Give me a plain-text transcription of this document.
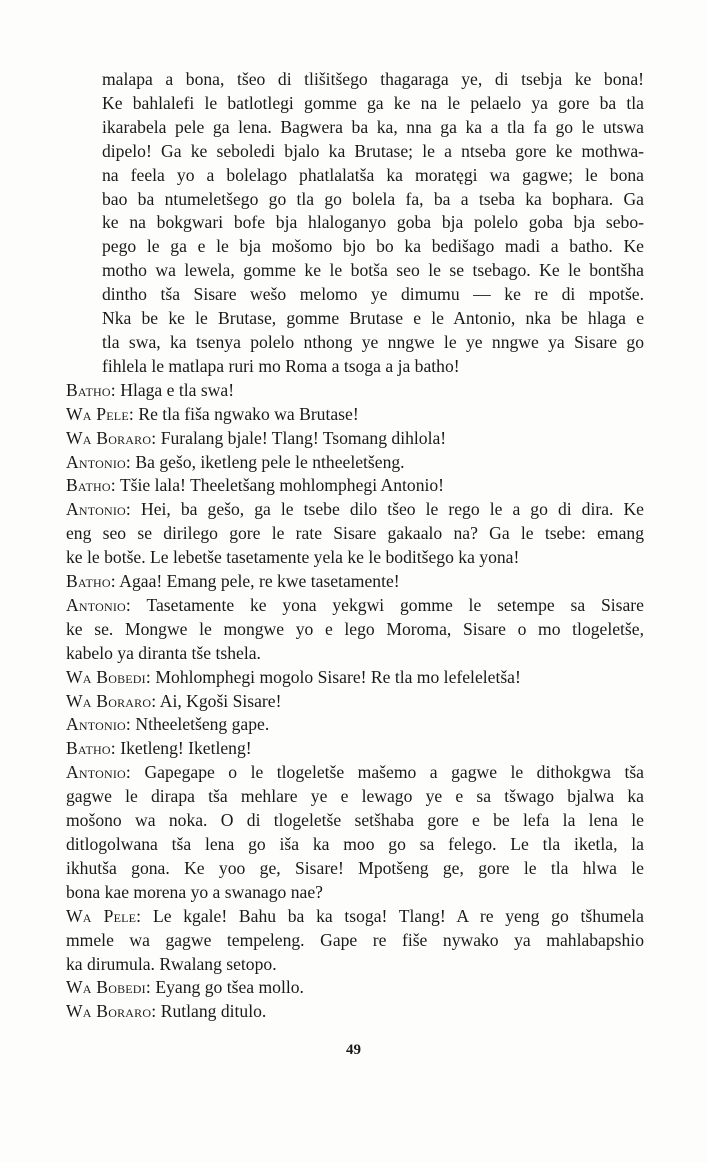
malapa a bona, tšeo di tlišitšego thagaraga ye, di tsebja ke bona!
Ke bahlalefi le batlotlegi gomme ga ke na le pelaelo ya gore ba tla
ikarabela pele ga lena. Bagwera ba ka, nna ga ka a tla fa go le utswa
dipelo! Ga ke seboledi bjalo ka Brutase; le a ntseba gore ke mothwa-
na feela yo a bolelago phatlalatša ka moratęgi wa gagwe; le bona
bao ba ntumeletšego go tla go bolela fa, ba a tseba ka bophara. Ga
ke na bokgwari bofe bja hlaloganyo goba bja polelo goba bja sebo-
pego le ga e le bja mošomo bjo bo ka bedišago madi a batho. Ke
motho wa lewela, gomme ke le botša seo le se tsebago. Ke le bontšha
dintho tša Sisare wešo melomo ye dimumu — ke re di mpotše.
Nka be ke le Brutase, gomme Brutase e le Antonio, nka be hlaga e
tla swa, ka tsenya polelo nthong ye nngwe le ye nngwe ya Sisare go
fihlela le matlapa ruri mo Roma a tsoga a ja batho!
Batho: Hlaga e tla swa!
Wa Pele: Re tla fiša ngwako wa Brutase!
Wa Boraro: Furalang bjale! Tlang! Tsomang dihlola!
Antonio: Ba gešo, iketleng pele le ntheeletšeng.
Batho: Tšie lala! Theeletšang mohlomphegi Antonio!
Antonio: Hei, ba gešo, ga le tsebe dilo tšeo le rego le a go di dira. Ke
eng seo se dirilego gore le rate Sisare gakaalo na? Ga le tsebe: emang
ke le botše. Le lebetše tasetamente yela ke le boditšego ka yona!
Batho: Agaa! Emang pele, re kwe tasetamente!
Antonio: Tasetamente ke yona yekgwi gomme le setempe sa Sisare
ke se. Mongwe le mongwe yo e lego Moroma, Sisare o mo tlogeletše,
kabelo ya diranta tše tshela.
Wa Bobedi: Mohlomphegi mogolo Sisare! Re tla mo lefeleletša!
Wa Boraro: Ai, Kgoši Sisare!
Antonio: Ntheeletšeng gape.
Batho: Iketleng! Iketleng!
Antonio: Gapegape o le tlogeletše mašemo a gagwe le dithokgwa tša
gagwe le dirapa tša mehlare ye e lewago ye e sa tšwago bjalwa ka
mošono wa noka. O di tlogeletše setšhaba gore e be lefa la lena le
ditlogolwana tša lena go iša ka moo go sa felego. Le tla iketla, la
ikhutša gona. Ke yoo ge, Sisare! Mpotšeng ge, gore le tla hlwa le
bona kae morena yo a swanago nae?
Wa Pele: Le kgale! Bahu ba ka tsoga! Tlang! A re yeng go tšhumela
mmele wa gagwe tempeleng. Gape re fiše nywako ya mahlabapshio
ka dirumula. Rwalang setopo.
Wa Bobedi: Eyang go tšea mollo.
Wa Boraro: Rutlang ditulo.
49
